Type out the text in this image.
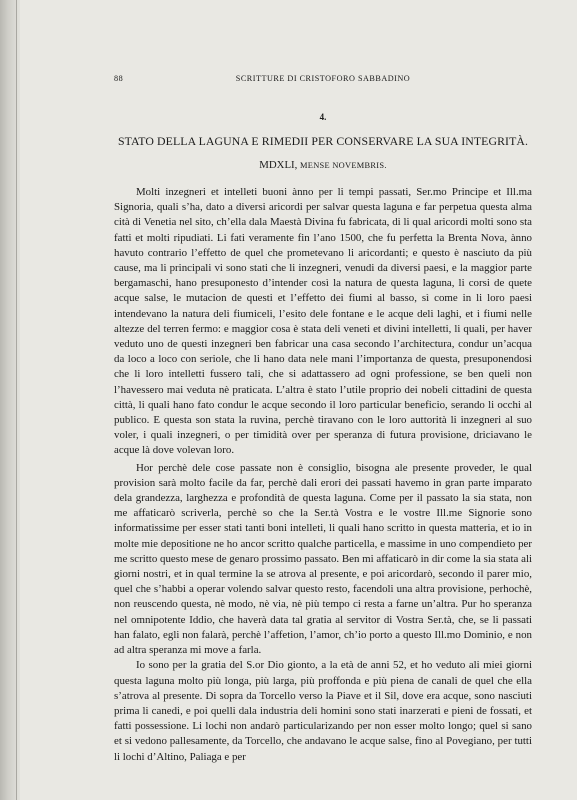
88	SCRITTURE DI CRISTOFORO SABBADINO
4.
STATO DELLA LAGUNA E RIMEDII PER CONSERVARE LA SUA INTEGRITÀ.
MDXLI, MENSE NOVEMBRIS.

Molti inzegneri et intelleti buoni ànno per li tempi passati, Ser.mo Principe et Ill.ma Signoria, quali s’ha, dato a diversi aricordi per salvar questa laguna e far perpetua questa alma cità di Venetia nel sito, ch’ella dala Maestà Divina fu fabricata, di li qual aricordi molti sono sta fatti et molti ripudiati. Li fati veramente fin l’ano 1500, che fu perfetta la Brenta Nova, ànno havuto contrario l’effetto de quel che prometevano li aricordanti; e questo è nasciuto da più cause, ma li principali vi sono stati che li inzegneri, venudi da diversi paesi, e la maggior parte bergamaschi, hano presuponesto d’intender così la natura de questa laguna, li corsi de quete acque salse, le mutacion de questi et l’effetto dei fiumi al basso, sì come in li loro paesi intendevano la natura deli fiumiceli, l’esito dele fontane e le acque deli laghi, et i fiumi nelle altezze del terren fermo: e maggior cosa è stata deli veneti et divini intelletti, li quali, per haver veduto uno de questi inzegneri ben fabricar una casa secondo l’architectura, condur un’acqua da loco a loco con seriole, che li hano data nele mani l’importanza de questa, presuponendosi che li loro intelletti fussero tali, che si adattassero ad ogni professione, se ben queli non l’havessero mai veduta nè praticata. L’altra è stato l’utile proprio dei nobeli cittadini de questa città, li quali hano fato condur le acque secondo il loro particular beneficio, serando li occhi al publico. E questa son stata la ruvina, perchè tiravano con le loro auttorità li inzegneri al suo voler, i quali inzegneri, o per timidità over per speranza di futura provisione, driciavano le acque là dove volevan loro.

Hor perchè dele cose passate non è consiglio, bisogna ale presente proveder, le qual provision sarà molto facile da far, perchè dali erori dei passati havemo in gran parte imparato dela grandezza, larghezza e profondità de questa laguna. Come per il passato la sia stata, non me affaticarò scriverla, perchè so che la Ser.tà Vostra e le vostre Ill.me Signorie sono informatissime per esser stati tanti boni intelleti, li quali hano scritto in questa matteria, et io in molte mie depositione ne ho ancor scritto qualche particella, e massime in uno compendieto per me scritto questo mese de genaro prossimo passato. Ben mi affaticarò in dir come la sia stata ali giorni nostri, et in qual termine la se atrova al presente, e poi aricordarò, secondo il parer mio, quel che s’habbi a operar volendo salvar questo resto, facendoli una altra provisione, perhochè, non reuscendo questa, nè modo, nè via, nè più tempo ci resta a farne un’altra. Pur ho speranza nel omnipotente Iddio, che haverà data tal gratia al servitor di Vostra Ser.tà, che, se li passati han falato, egli non falarà, perchè l’affetion, l’amor, ch’io porto a questo Ill.mo Dominio, e non ad altra speranza mi move a farla.

Io sono per la gratia del S.or Dio gionto, a la età de anni 52, et ho veduto ali miei giorni questa laguna molto più longa, più larga, più proffonda e più piena de canali de quel che ella s’atrova al presente. Di sopra da Torcello verso la Piave et il Sil, dove era acque, sono nasciuti prima li canedi, e poi quelli dala industria deli homini sono stati inarzerati e pieni de fossati, et fatti possessione. Li lochi non andarò particularizando per non esser molto longo; quel si sano et si vedono pallesamente, da Torcello, che andavano le acque salse, fino al Povegiano, per tutti li lochi d’Altino, Paliaga e per
